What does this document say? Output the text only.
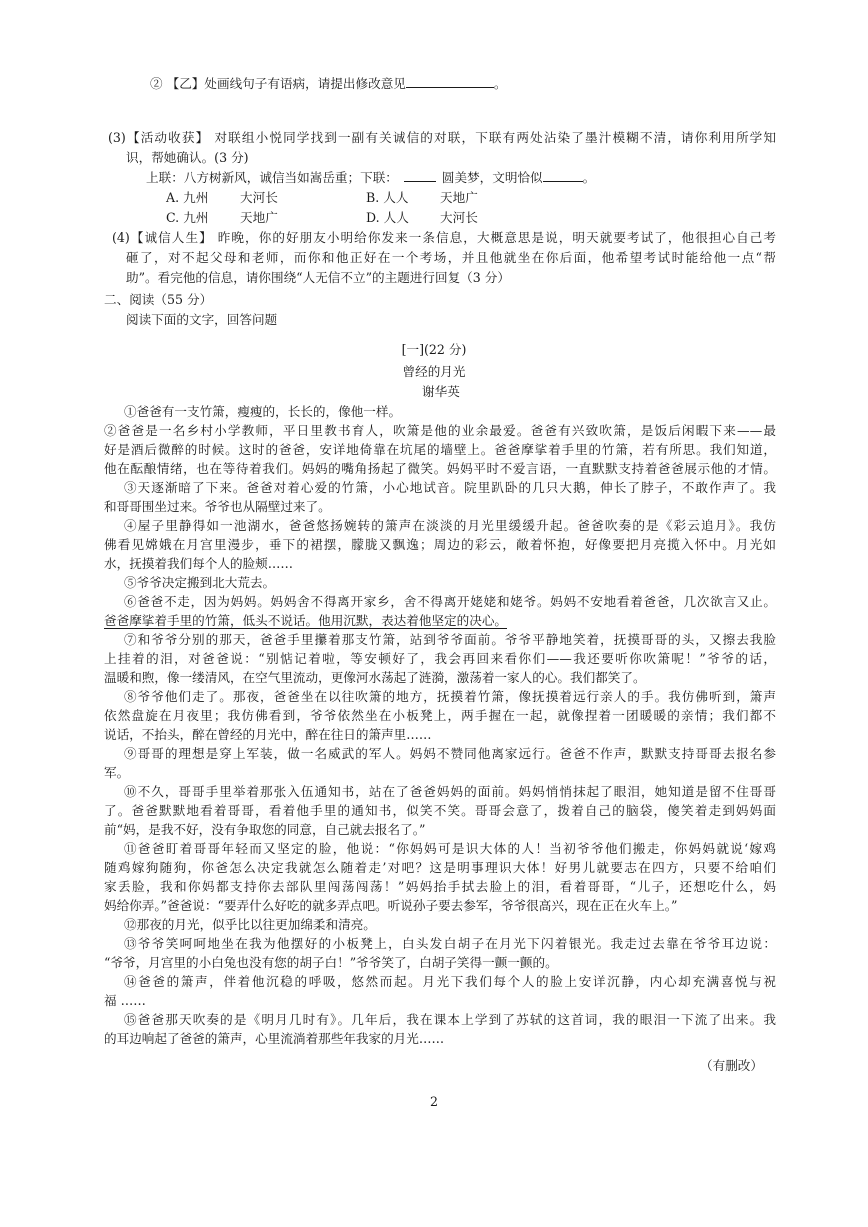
② 【乙】处画线句子有语病，请提出修改意见	。
(3)【活动收获】 对联组小悦同学找到一副有关诚信的对联，下联有两处沾染了墨汁模糊不清，请你利用所学知
识，帮她确认。(3 分)
上联：八方树新风，诚信当如嵩岳重；下联：	圆美梦，文明恰似	。
A. 九州	大河长	B. 人人	天地广
C. 九州	天地广	D. 人人 大河长
(4)【诚信人生】 昨晚，你的好朋友小明给你发来一条信息，大概意思是说，明天就要考试了，他很担心自己考
砸了，对不起父母和老师，而你和他正好在一个考场，并且他就坐在你后面，他希望考试时能给他一点“帮
助”。看完他的信息，请你围绕“人无信不立”的主题进行回复（3 分）
二、阅读（55 分）
阅读下面的文字，回答问题
[一](22 分)
曾经的月光
谢华英
①爸爸有一支竹箫，瘦瘦的，长长的，像他一样。
②爸爸是一名乡村小学教师，平日里教书育人，吹箫是他的业余最爱。爸爸有兴致吹箫，是饭后闲暇下来——最
好是酒后微醉的时候。这时的爸爸，安详地倚靠在坑尾的墙壁上。爸爸摩挲着手里的竹箫，若有所思。我们知道，
他在酝酿情绪，也在等待着我们。妈妈的嘴角扬起了微笑。妈妈平时不爱言语，一直默默支持着爸爸展示他的才情。
③天逐渐暗了下来。爸爸对着心爱的竹箫，小心地试音。院里趴卧的几只大鹅，伸长了脖子，不敢作声了。我
和哥哥围坐过来。爷爷也从隔壁过来了。
④屋子里静得如一池湖水，爸爸悠扬婉转的箫声在淡淡的月光里缓缓升起。爸爸吹奏的是《彩云追月》。我仿
佛看见嫦娥在月宫里漫步，垂下的裙摆，朦胧又飘逸；周边的彩云，敞着怀抱，好像要把月亮揽入怀中。月光如
水，抚摸着我们每个人的脸颊……
⑤爷爷决定搬到北大荒去。
⑥爸爸不走，因为妈妈。妈妈舍不得离开家乡，舍不得离开姥姥和姥爷。妈妈不安地看着爸爸，几次欲言又止。
爸爸摩挲着手里的竹箫，低头不说话。他用沉默，表达着他坚定的决心。
⑦和爷爷分别的那天，爸爸手里攥着那支竹箫，站到爷爷面前。爷爷平静地笑着，抚摸哥哥的头，又擦去我脸
上挂着的泪，对爸爸说：“别惦记着啦，等安顿好了，我会再回来看你们——我还要听你吹箫呢！”爷爷的话，
温暖和煦，像一缕清风，在空气里流动，更像河水荡起了涟漪，激荡着一家人的心。我们都笑了。
⑧爷爷他们走了。那夜，爸爸坐在以往吹箫的地方，抚摸着竹箫，像抚摸着远行亲人的手。我仿佛听到，箫声
依然盘旋在月夜里；我仿佛看到，爷爷依然坐在小板凳上，两手握在一起，就像捏着一团暖暖的亲情；我们都不
说话，不抬头，醉在曾经的月光中，醉在往日的箫声里……
⑨哥哥的理想是穿上军装，做一名威武的军人。妈妈不赞同他离家远行。爸爸不作声，默默支持哥哥去报名参
军。
⑩不久，哥哥手里举着那张入伍通知书，站在了爸爸妈妈的面前。妈妈悄悄抹起了眼泪，她知道是留不住哥哥
了。爸爸默默地看着哥哥，看着他手里的通知书，似笑不笑。哥哥会意了，拨着自己的脑袋，傻笑着走到妈妈面
前“妈，是我不好，没有争取您的同意，自己就去报名了。”
⑪爸爸盯着哥哥年轻而又坚定的脸，他说：“你妈妈可是识大体的人！当初爷爷他们搬走，你妈妈就说‘嫁鸡
随鸡嫁狗随狗，你爸怎么决定我就怎么随着走’对吧？这是明事理识大体！好男儿就要志在四方，只要不给咱们
家丢脸，我和你妈都支持你去部队里闯荡闯荡！”妈妈抬手拭去脸上的泪，看着哥哥，“儿子，还想吃什么，妈
妈给你弄。”爸爸说：“要弄什么好吃的就多弄点吧。听说孙子要去参军，爷爷很高兴，现在正在火车上。”
⑫那夜的月光，似乎比以往更加绵柔和清亮。
⑬爷爷笑呵呵地坐在我为他摆好的小板凳上，白头发白胡子在月光下闪着银光。我走过去靠在爷爷耳边说：
“爷爷，月宫里的小白兔也没有您的胡子白！”爷爷笑了，白胡子笑得一颤一颤的。
⑭爸爸的箫声，伴着他沉稳的呼吸，悠然而起。月光下我们每个人的脸上安详沉静，内心却充满喜悦与祝
福 ……
⑮爸爸那天吹奏的是《明月几时有》。几年后，我在课本上学到了苏轼的这首词，我的眼泪一下流了出来。我
的耳边响起了爸爸的箫声，心里流淌着那些年我家的月光……
（有删改）
2
